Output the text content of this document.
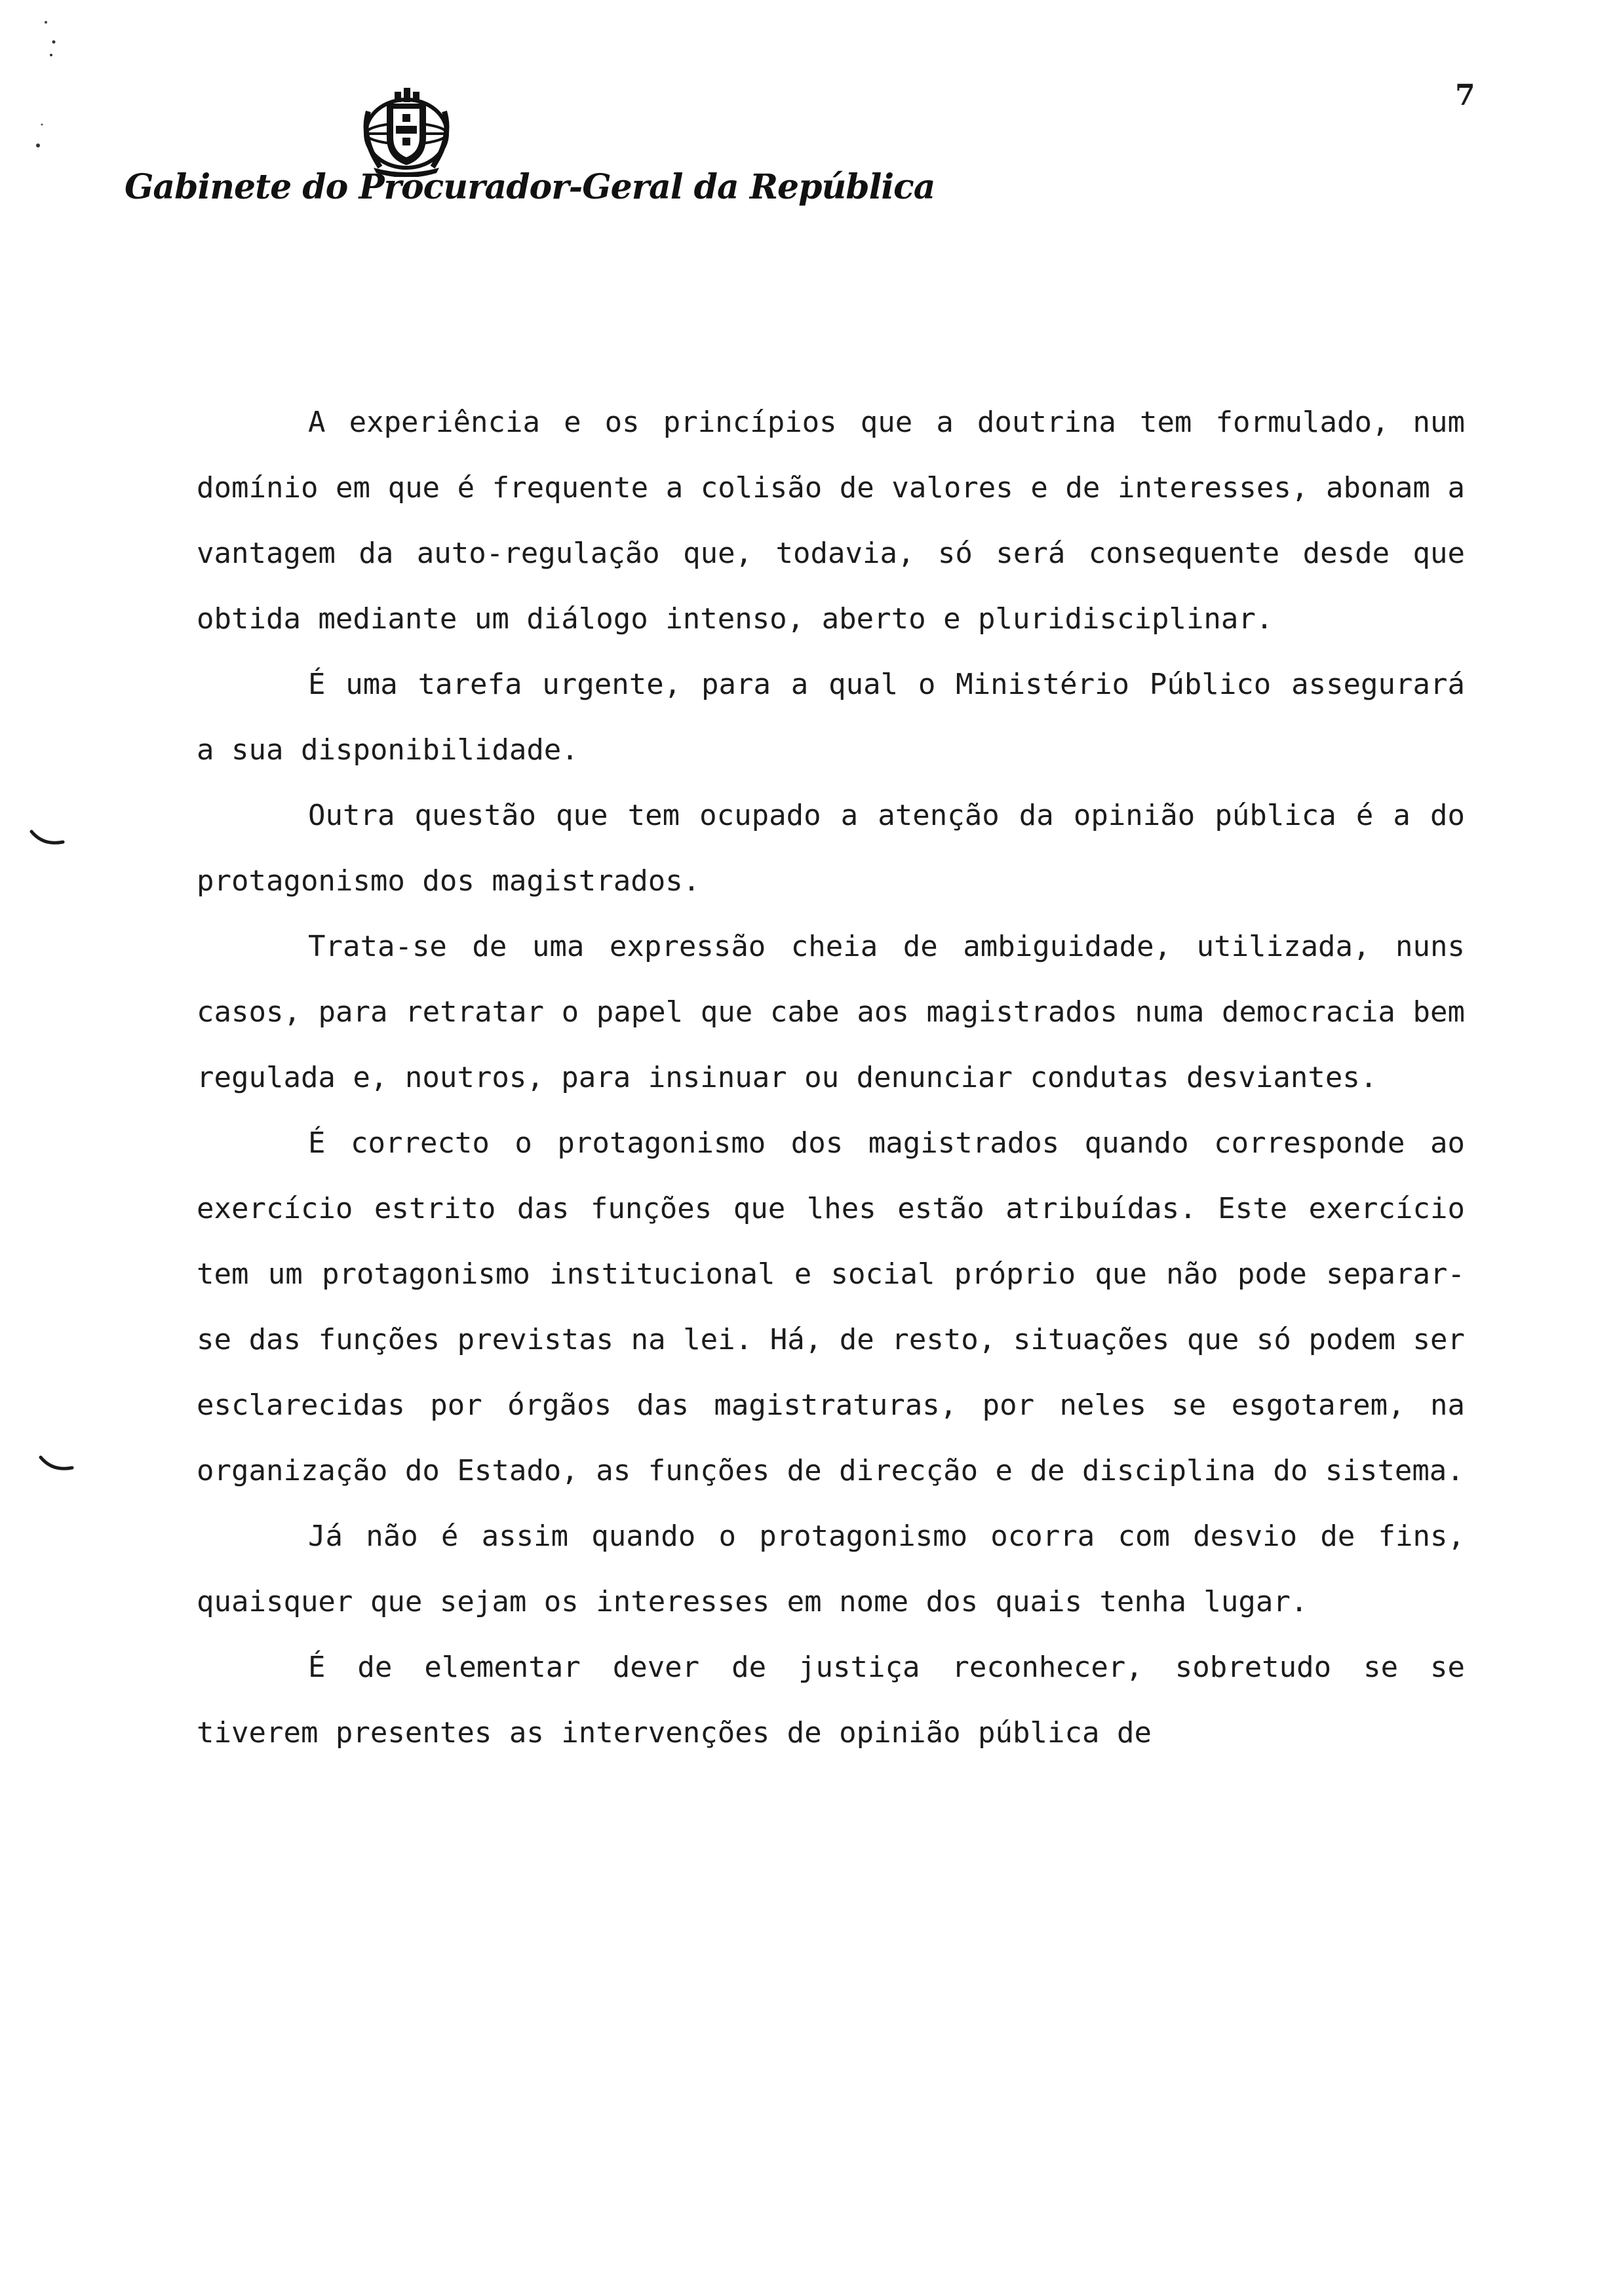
7
Gabinete do Procurador-Geral da República

A experiência e os princípios que a doutrina tem formulado, num domínio em que é frequente a colisão de valores e de interesses, abonam a vantagem da auto-regulação que, todavia, só será consequente desde que obtida mediante um diálogo intenso, aberto e pluridisciplinar.

É uma tarefa urgente, para a qual o Ministério Público assegurará a sua disponibilidade.

Outra questão que tem ocupado a atenção da opinião pública é a do protagonismo dos magistrados.

Trata-se de uma expressão cheia de ambiguidade, utilizada, nuns casos, para retratar o papel que cabe aos magistrados numa democracia bem regulada e, noutros, para insinuar ou denunciar condutas desviantes.

É correcto o protagonismo dos magistrados quando corresponde ao exercício estrito das funções que lhes estão atribuídas. Este exercício tem um protagonismo institucional e social próprio que não pode separar-se das funções previstas na lei. Há, de resto, situações que só podem ser esclarecidas por órgãos das magistraturas, por neles se esgotarem, na organização do Estado, as funções de direcção e de disciplina do sistema.

Já não é assim quando o protagonismo ocorra com desvio de fins, quaisquer que sejam os interesses em nome dos quais tenha lugar.

É de elementar dever de justiça reconhecer, sobretudo se se tiverem presentes as intervenções de opinião pública de
